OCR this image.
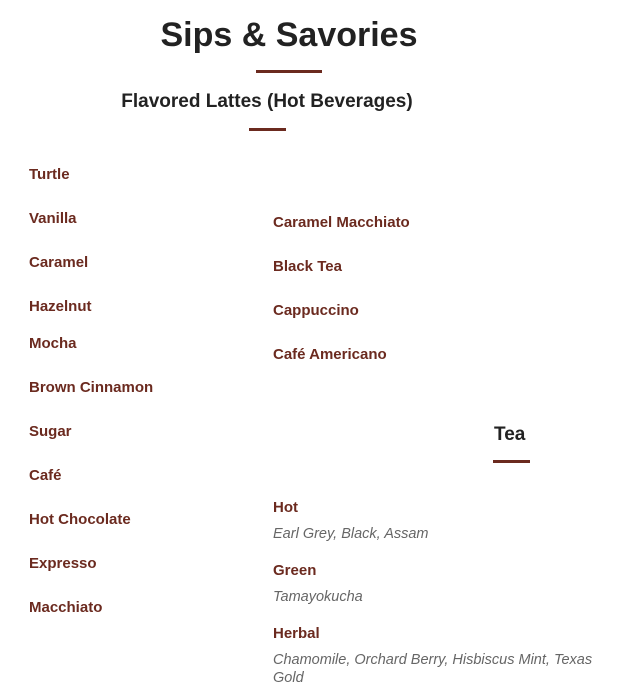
Sips & Savories
Flavored Lattes (Hot Beverages)
Turtle
Vanilla
Caramel
Hazelnut
Mocha
Brown Cinnamon
Sugar
Café
Hot Chocolate
Expresso
Macchiato
Caramel Macchiato
Black Tea
Cappuccino
Café Americano
Tea
Hot
Earl Grey, Black, Assam
Green
Tamayokucha
Herbal
Chamomile, Orchard Berry, Hisbiscus Mint, Texas Gold
